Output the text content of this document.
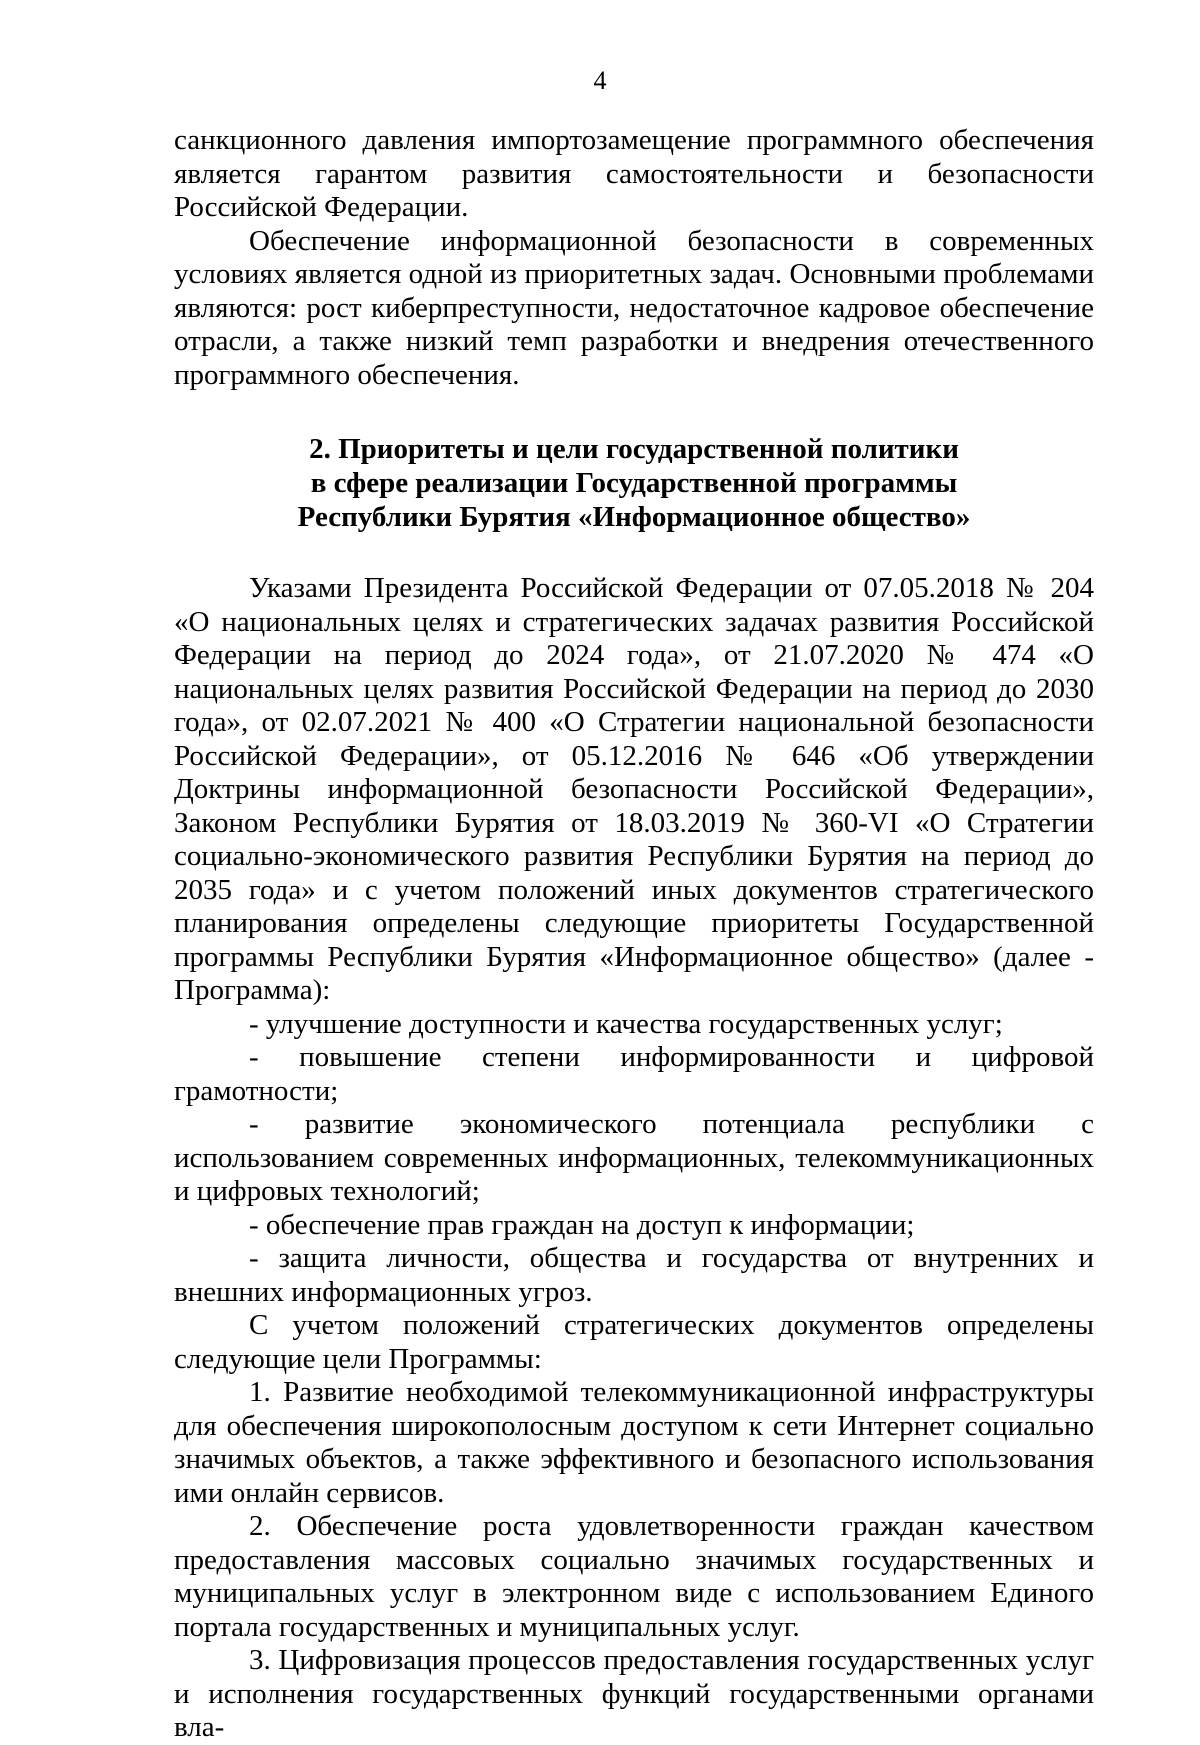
4

санкционного давления импортозамещение программного обеспечения является гарантом развития самостоятельности и безопасности Российской Федерации.

Обеспечение информационной безопасности в современных условиях является одной из приоритетных задач. Основными проблемами являются: рост киберпреступности, недостаточное кадровое обеспечение отрасли, а также низкий темп разработки и внедрения отечественного программного обеспечения.

2. Приоритеты и цели государственной политики
в сфере реализации Государственной программы
Республики Бурятия «Информационное общество»

Указами Президента Российской Федерации от 07.05.2018 № 204 «О национальных целях и стратегических задачах развития Российской Федерации на период до 2024 года», от 21.07.2020 № 474 «О национальных целях развития Российской Федерации на период до 2030 года», от 02.07.2021 № 400 «О Стратегии национальной безопасности Российской Федерации», от 05.12.2016 № 646 «Об утверждении Доктрины информационной безопасности Российской Федерации», Законом Республики Бурятия от 18.03.2019 № 360-VI «О Стратегии социально-экономического развития Республики Бурятия на период до 2035 года» и с учетом положений иных документов стратегического планирования определены следующие приоритеты Государственной программы Республики Бурятия «Информационное общество» (далее - Программа):

- улучшение доступности и качества государственных услуг;

- повышение степени информированности и цифровой грамотности;

- развитие экономического потенциала республики с использованием современных информационных, телекоммуникационных и цифровых технологий;

- обеспечение прав граждан на доступ к информации;

- защита личности, общества и государства от внутренних и внешних информационных угроз.

С учетом положений стратегических документов определены следующие цели Программы:

1. Развитие необходимой телекоммуникационной инфраструктуры для обеспечения широкополосным доступом к сети Интернет социально значимых объектов, а также эффективного и безопасного использования ими онлайн сервисов.

2. Обеспечение роста удовлетворенности граждан качеством предоставления массовых социально значимых государственных и муниципальных услуг в электронном виде с использованием Единого портала государственных и муниципальных услуг.

3. Цифровизация процессов предоставления государственных услуг и исполнения государственных функций государственными органами вла-
